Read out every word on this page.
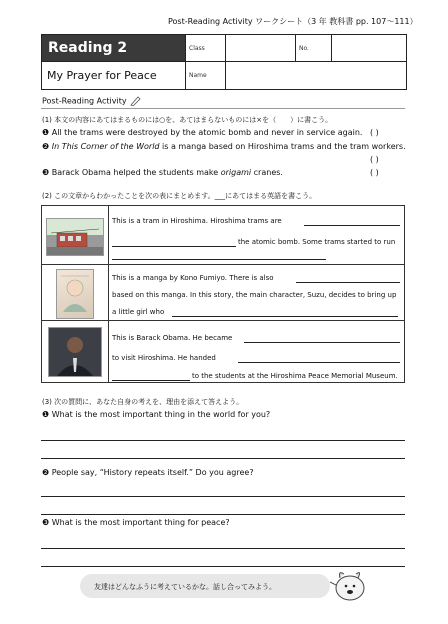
Post-Reading Activity ワークシート（3 年 教科書 pp. 107～111）
Reading 2	Class	No.
My Prayer for Peace	Name
Post-Reading Activity
(1) 本文の内容にあてはまるものには○を、あてはまらないものには×を（　　）に書こう。
❶ All the trams were destroyed by the atomic bomb and never in service again. ( )
❷ In This Corner of the World is a manga based on Hiroshima trams and the tram workers.
( )
❸ Barack Obama helped the students make origami cranes.	( )
(2) この文章からわかったことを次の表にまとめます。___にあてはまる英語を書こう。
This is a tram in Hiroshima. Hiroshima trams are
the atomic bomb. Some trams started to run
This is a manga by Kono Fumiyo. There is also
based on this manga. In this story, the main character, Suzu, decides to bring up
a little girl who
This is Barack Obama. He became
to visit Hiroshima. He handed
to the students at the Hiroshima Peace Memorial Museum.
(3) 次の質問に、あなた自身の考えを、理由を添えて答えよう。
❶ What is the most important thing in the world for you?
❷ People say, “History repeats itself.” Do you agree?
❸ What is the most important thing for peace?
友達はどんなふうに考えているかな。話し合ってみよう。
